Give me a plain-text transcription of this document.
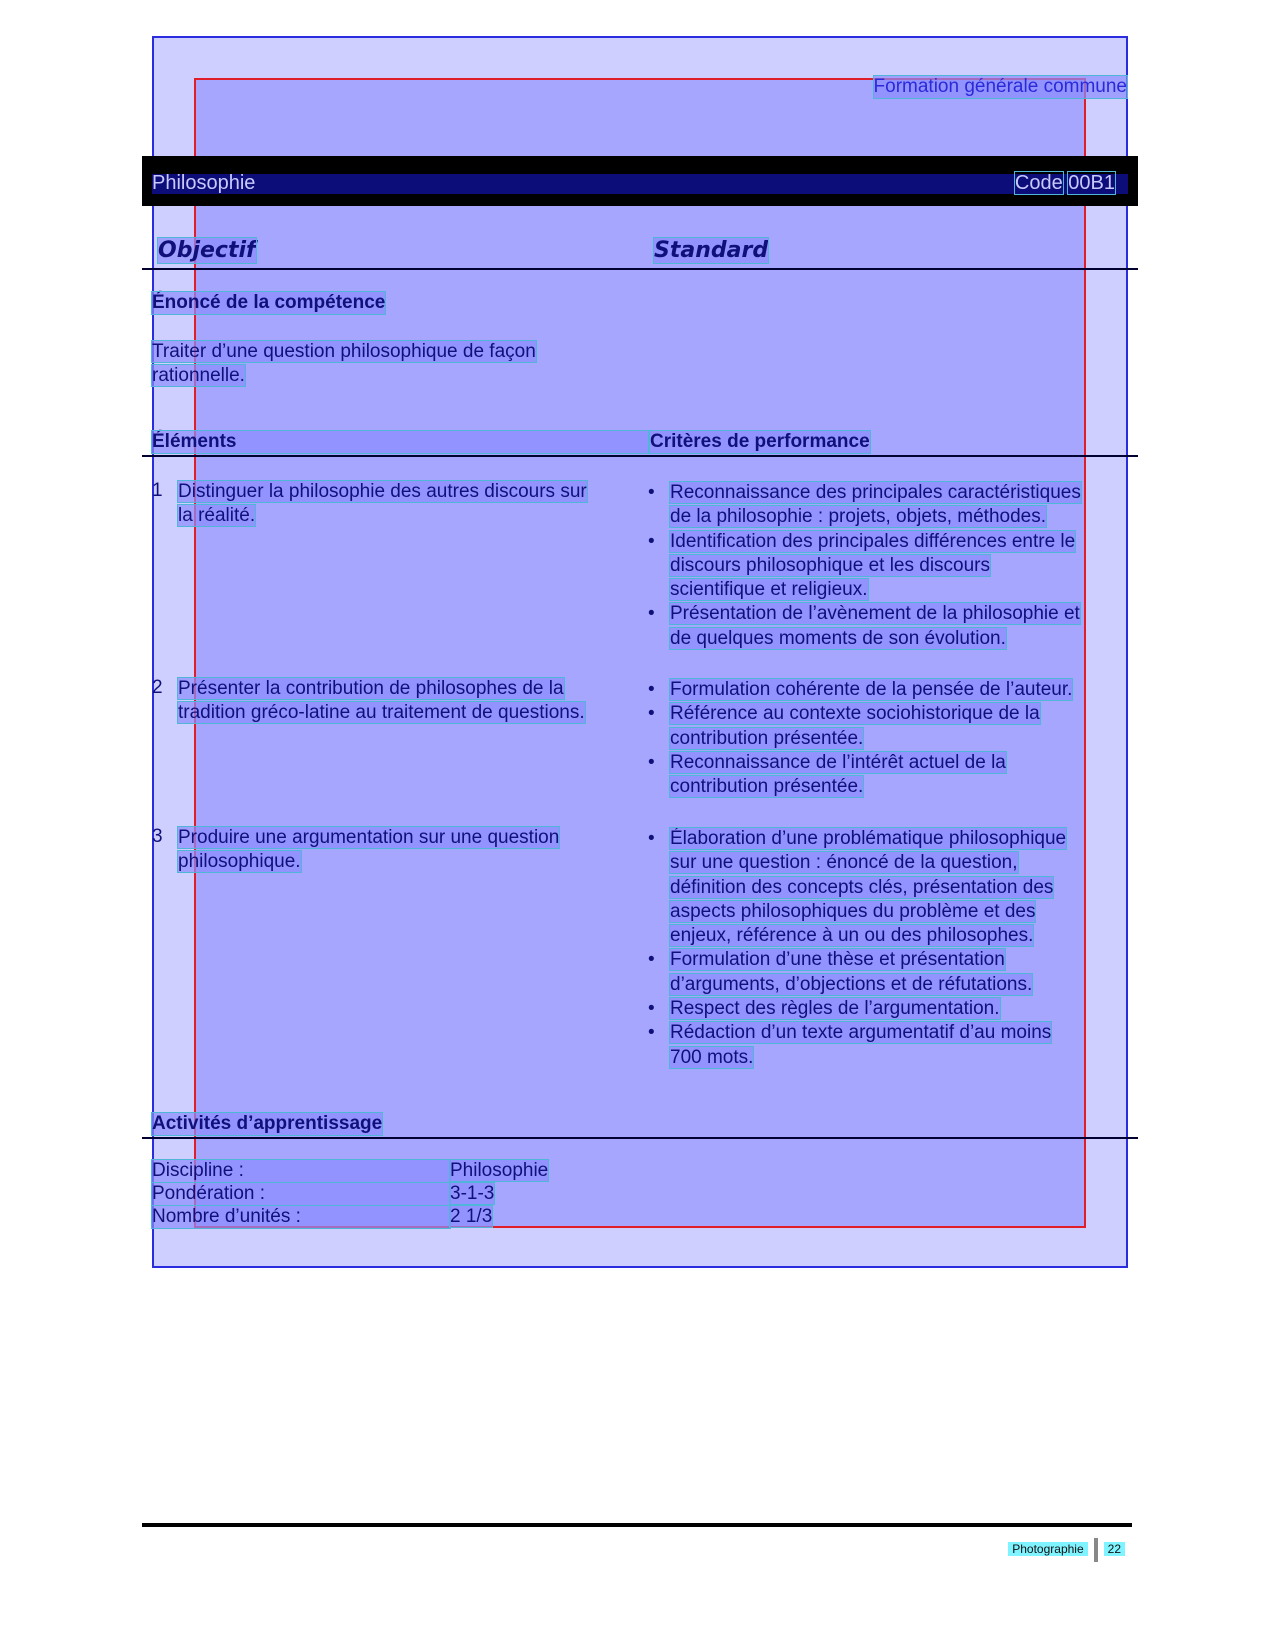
Formation générale commune
Philosophie	Code 00B1
Objectif	Standard
Énoncé de la compétence
Traiter d’une question philosophique de façon
rationnelle.
Éléments	Critères de performance
1 Distinguer la philosophie des autres discours sur
la réalité.
• Reconnaissance des principales caractéristiques
de la philosophie : projets, objets, méthodes.
• Identification des principales différences entre le
discours philosophique et les discours
scientifique et religieux.
• Présentation de l’avènement de la philosophie et
de quelques moments de son évolution.
2 Présenter la contribution de philosophes de la
tradition gréco-latine au traitement de questions.
• Formulation cohérente de la pensée de l’auteur.
• Référence au contexte sociohistorique de la
contribution présentée.
• Reconnaissance de l’intérêt actuel de la
contribution présentée.
3 Produire une argumentation sur une question
philosophique.
• Élaboration d’une problématique philosophique
sur une question : énoncé de la question,
définition des concepts clés, présentation des
aspects philosophiques du problème et des
enjeux, référence à un ou des philosophes.
• Formulation d’une thèse et présentation
d’arguments, d’objections et de réfutations.
• Respect des règles de l’argumentation.
• Rédaction d’un texte argumentatif d’au moins
700 mots.
Activités d’apprentissage
Discipline :	Philosophie
Pondération :	3-1-3
Nombre d’unités :	2 1/3
Photographie 22
